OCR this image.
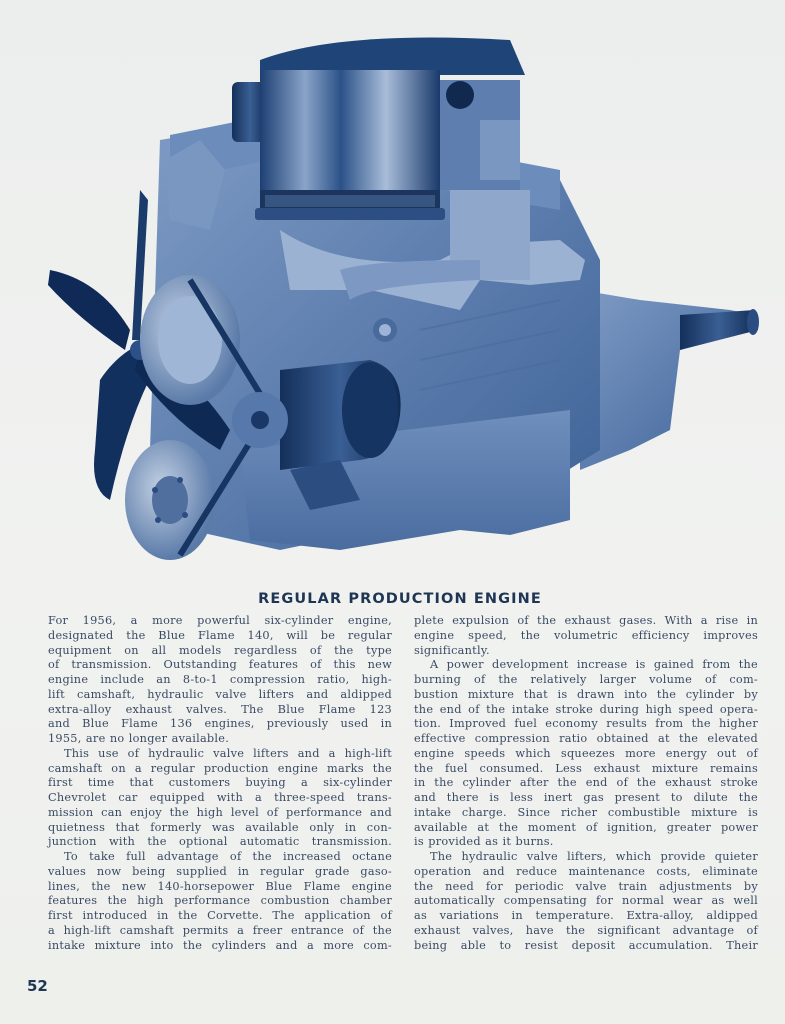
REGULAR PRODUCTION ENGINE
For 1956, a more powerful six-cylinder engine,
designated the Blue Flame 140, will be regular
equipment on all models regardless of the type
of transmission. Outstanding features of this new
engine include an 8-to-1 compression ratio, high-
lift camshaft, hydraulic valve lifters and aldipped
extra-alloy exhaust valves. The Blue Flame 123
and Blue Flame 136 engines, previously used in
1955, are no longer available.
This use of hydraulic valve lifters and a high-lift
camshaft on a regular production engine marks the
first time that customers buying a six-cylinder
Chevrolet car equipped with a three-speed trans-
mission can enjoy the high level of performance and
quietness that formerly was available only in con-
junction with the optional automatic transmission.
To take full advantage of the increased octane
values now being supplied in regular grade gaso-
lines, the new 140-horsepower Blue Flame engine
features the high performance combustion chamber
first introduced in the Corvette. The application of
a high-lift camshaft permits a freer entrance of the
intake mixture into the cylinders and a more com-
plete expulsion of the exhaust gases. With a rise in
engine speed, the volumetric efficiency improves
significantly.
A power development increase is gained from the
burning of the relatively larger volume of com-
bustion mixture that is drawn into the cylinder by
the end of the intake stroke during high speed opera-
tion. Improved fuel economy results from the higher
effective compression ratio obtained at the elevated
engine speeds which squeezes more energy out of
the fuel consumed. Less exhaust mixture remains
in the cylinder after the end of the exhaust stroke
and there is less inert gas present to dilute the
intake charge. Since richer combustible mixture is
available at the moment of ignition, greater power
is provided as it burns.
The hydraulic valve lifters, which provide quieter
operation and reduce maintenance costs, eliminate
the need for periodic valve train adjustments by
automatically compensating for normal wear as well
as variations in temperature. Extra-alloy, aldipped
exhaust valves, have the significant advantage of
being able to resist deposit accumulation. Their
52
